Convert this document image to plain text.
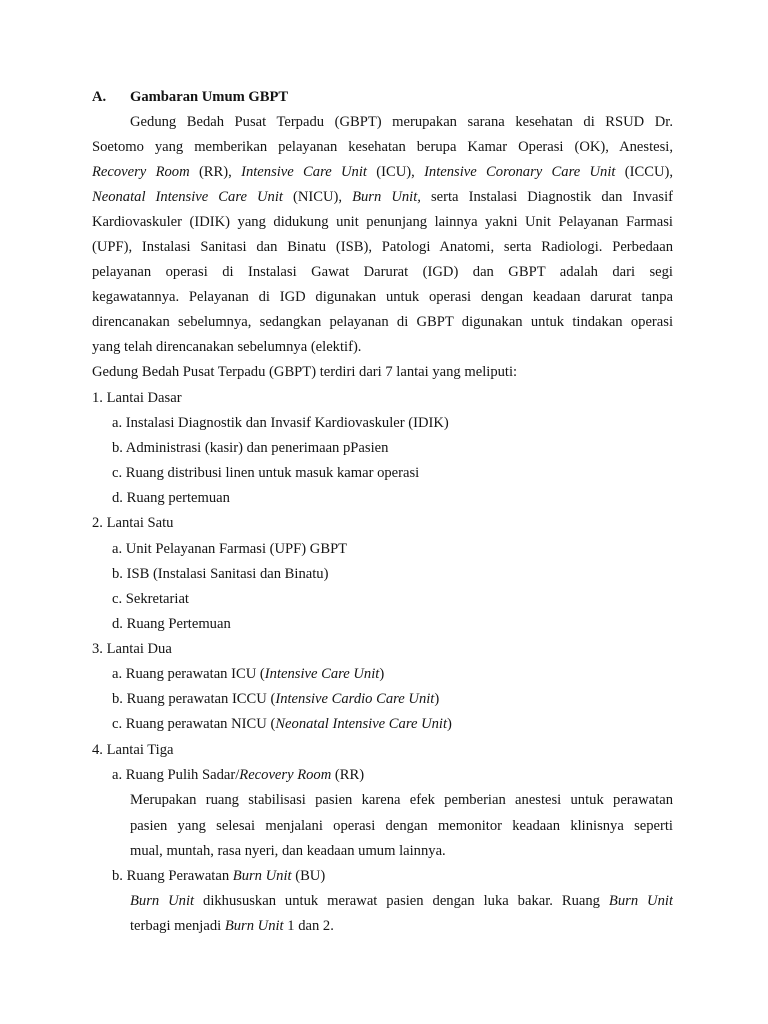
A. Gambaran Umum GBPT
Gedung Bedah Pusat Terpadu (GBPT) merupakan sarana kesehatan di RSUD Dr.
Soetomo yang memberikan pelayanan kesehatan berupa Kamar Operasi (OK), Anestesi,
Recovery Room (RR), Intensive Care Unit (ICU), Intensive Coronary Care Unit (ICCU),
Neonatal Intensive Care Unit (NICU), Burn Unit, serta Instalasi Diagnostik dan Invasif
Kardiovaskuler (IDIK) yang didukung unit penunjang lainnya yakni Unit Pelayanan Farmasi
(UPF), Instalasi Sanitasi dan Binatu (ISB), Patologi Anatomi, serta Radiologi. Perbedaan
pelayanan operasi di Instalasi Gawat Darurat (IGD) dan GBPT adalah dari segi
kegawatannya. Pelayanan di IGD digunakan untuk operasi dengan keadaan darurat tanpa
direncanakan sebelumnya, sedangkan pelayanan di GBPT digunakan untuk tindakan operasi
yang telah direncanakan sebelumnya (elektif).
Gedung Bedah Pusat Terpadu (GBPT) terdiri dari 7 lantai yang meliputi:
1. Lantai Dasar
a. Instalasi Diagnostik dan Invasif Kardiovaskuler (IDIK)
b. Administrasi (kasir) dan penerimaan pPasien
c. Ruang distribusi linen untuk masuk kamar operasi
d. Ruang pertemuan
2. Lantai Satu
a. Unit Pelayanan Farmasi (UPF) GBPT
b. ISB (Instalasi Sanitasi dan Binatu)
c. Sekretariat
d. Ruang Pertemuan
3. Lantai Dua
a. Ruang perawatan ICU (Intensive Care Unit)
b. Ruang perawatan ICCU (Intensive Cardio Care Unit)
c. Ruang perawatan NICU (Neonatal Intensive Care Unit)
4. Lantai Tiga
a. Ruang Pulih Sadar/Recovery Room (RR)
Merupakan ruang stabilisasi pasien karena efek pemberian anestesi untuk perawatan
pasien yang selesai menjalani operasi dengan memonitor keadaan klinisnya seperti
mual, muntah, rasa nyeri, dan keadaan umum lainnya.
b. Ruang Perawatan Burn Unit (BU)
Burn Unit dikhususkan untuk merawat pasien dengan luka bakar. Ruang Burn Unit
terbagi menjadi Burn Unit 1 dan 2.
